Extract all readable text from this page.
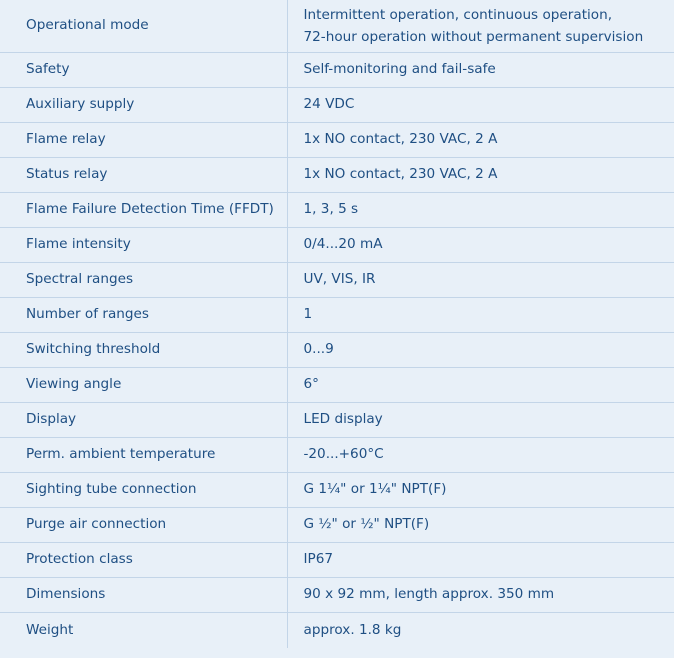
Operational mode	Intermittent operation, continuous operation,
72-hour operation without permanent supervision

Safety	Self-monitoring and fail-safe

Auxiliary supply	24 VDC

Flame relay	1x NO contact, 230 VAC, 2 A

Status relay	1x NO contact, 230 VAC, 2 A

Flame Failure Detection Time (FFDT)	1, 3, 5 s

Flame intensity	0/4...20 mA

Spectral ranges	UV, VIS, IR

Number of ranges	1

Switching threshold	0...9

Viewing angle	6°

Display	LED display

Perm. ambient temperature	-20...+60°C

Sighting tube connection	G 1¼" or 1¼" NPT(F)

Purge air connection	G ½" or ½" NPT(F)

Protection class	IP67

Dimensions	90 x 92 mm, length approx. 350 mm

Weight	approx. 1.8 kg
